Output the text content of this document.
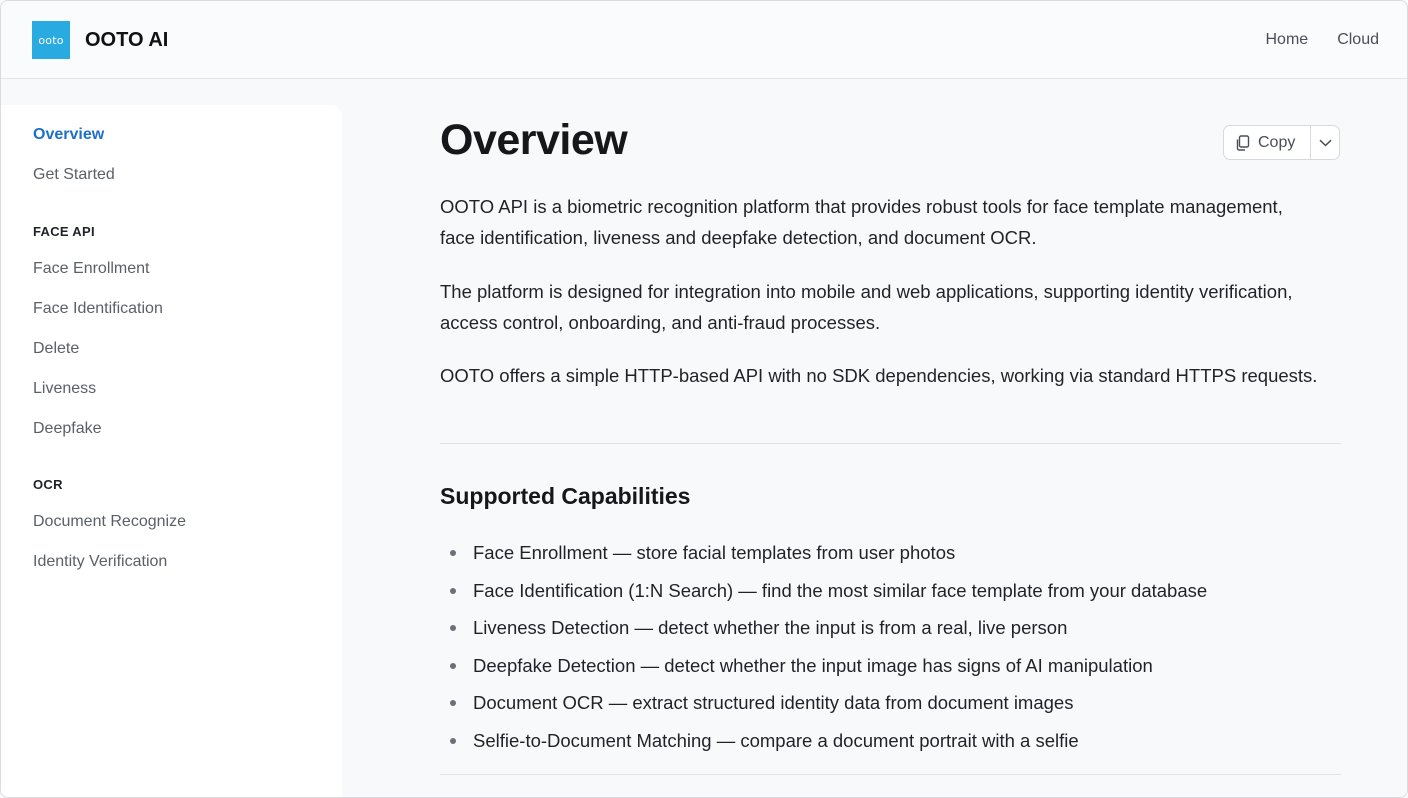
ooto OOTO AI	Home Cloud
Overview
Get Started
FACE API
Face Enrollment
Face Identification
Delete
Liveness
Deepfake
OCR
Document Recognize
Identity Verification
Overview	Copy

OOTO API is a biometric recognition platform that provides robust tools for face template management, face identification, liveness and deepfake detection, and document OCR.

The platform is designed for integration into mobile and web applications, supporting identity verification, access control, onboarding, and anti-fraud processes.

OOTO offers a simple HTTP-based API with no SDK dependencies, working via standard HTTPS requests.

Supported Capabilities
Face Enrollment — store facial templates from user photos
Face Identification (1:N Search) — find the most similar face template from your database
Liveness Detection — detect whether the input is from a real, live person
Deepfake Detection — detect whether the input image has signs of AI manipulation
Document OCR — extract structured identity data from document images
Selfie-to-Document Matching — compare a document portrait with a selfie
